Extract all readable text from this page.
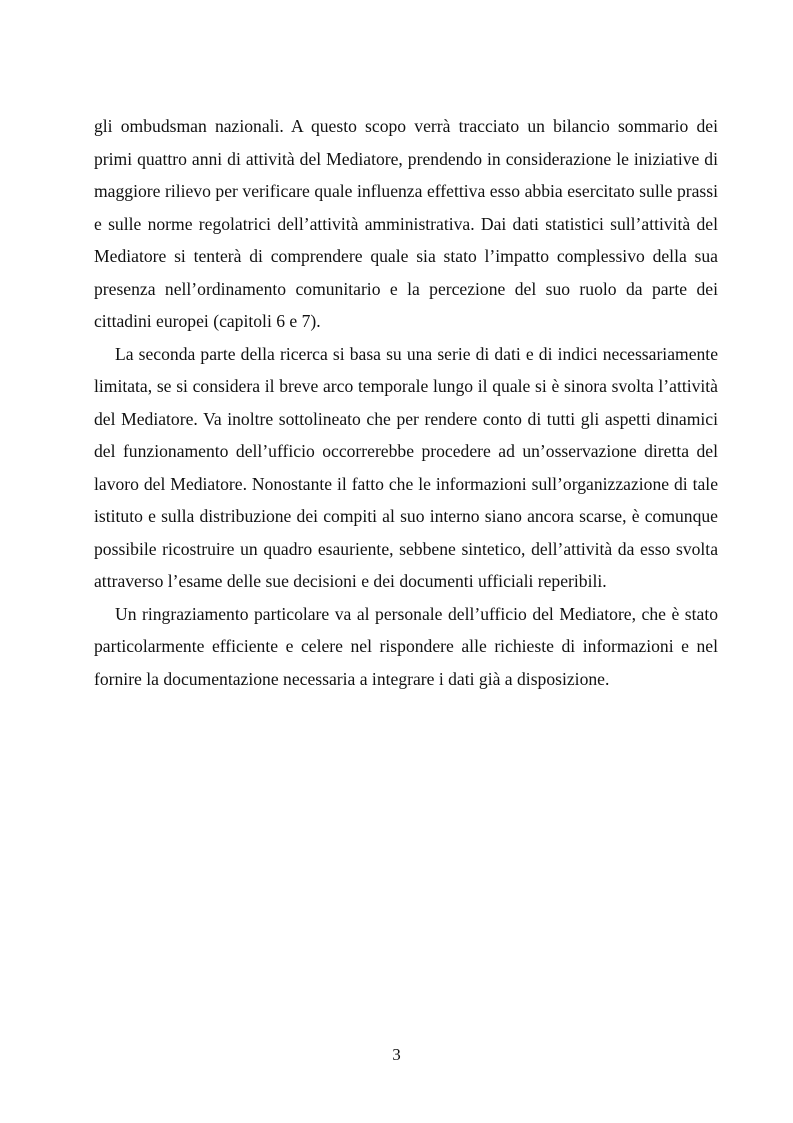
gli ombudsman nazionali. A questo scopo verrà tracciato un bilancio sommario dei primi quattro anni di attività del Mediatore, prendendo in considerazione le iniziative di maggiore rilievo per verificare quale influenza effettiva esso abbia esercitato sulle prassi e sulle norme regolatrici dell’attività amministrativa. Dai dati statistici sull’attività del Mediatore si tenterà di comprendere quale sia stato l’impatto complessivo della sua presenza nell’ordinamento comunitario e la percezione del suo ruolo da parte dei cittadini europei (capitoli 6 e 7).

La seconda parte della ricerca si basa su una serie di dati e di indici necessariamente limitata, se si considera il breve arco temporale lungo il quale si è sinora svolta l’attività del Mediatore. Va inoltre sottolineato che per rendere conto di tutti gli aspetti dinamici del funzionamento dell’ufficio occorrerebbe procedere ad un’osservazione diretta del lavoro del Mediatore. Nonostante il fatto che le informazioni sull’organizzazione di tale istituto e sulla distribuzione dei compiti al suo interno siano ancora scarse, è comunque possibile ricostruire un quadro esauriente, sebbene sintetico, dell’attività da esso svolta attraverso l’esame delle sue decisioni e dei documenti ufficiali reperibili.

Un ringraziamento particolare va al personale dell’ufficio del Mediatore, che è stato particolarmente efficiente e celere nel rispondere alle richieste di informazioni e nel fornire la documentazione necessaria a integrare i dati già a disposizione.

3
